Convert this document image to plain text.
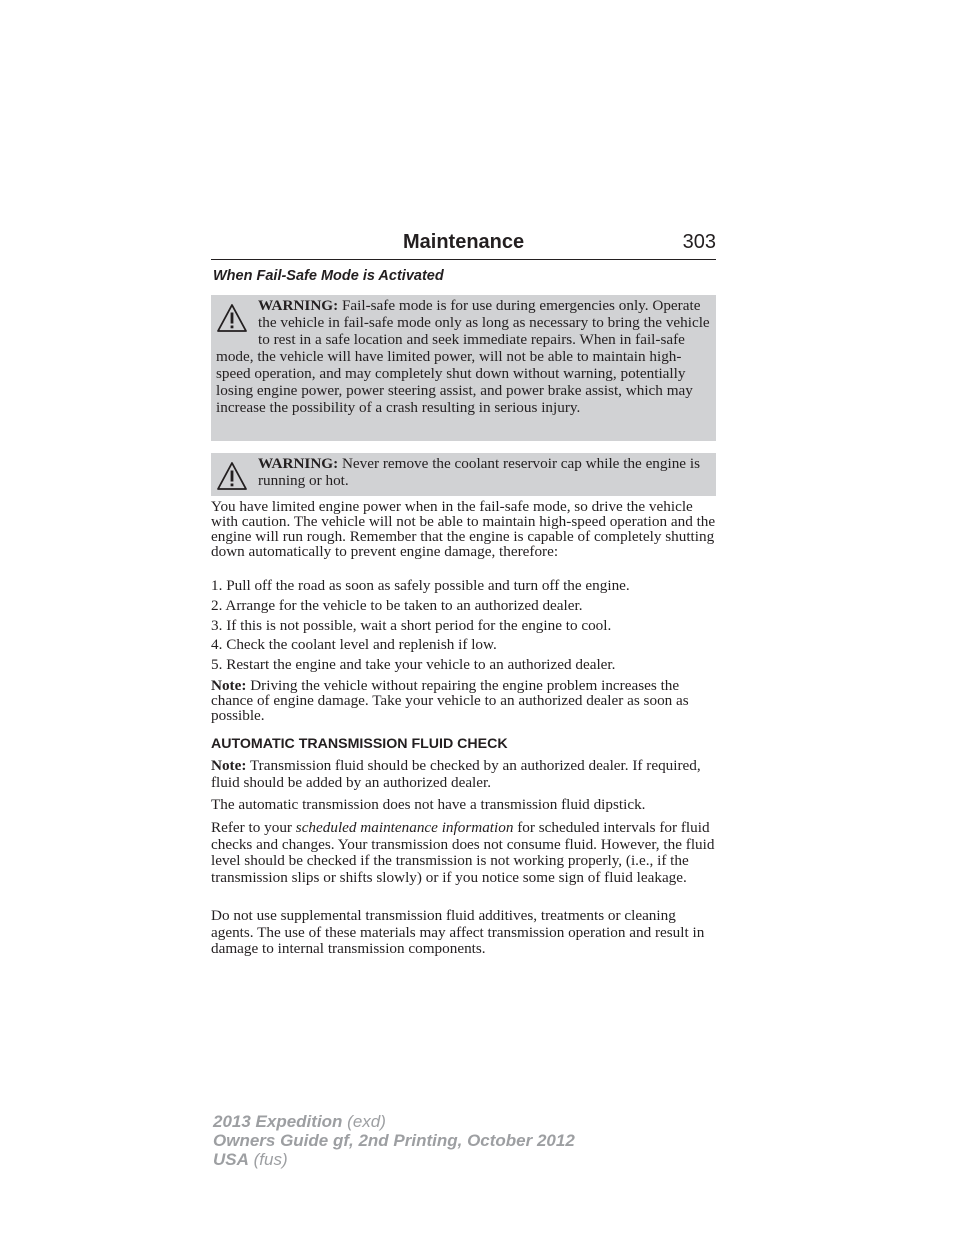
Maintenance	303
When Fail-Safe Mode is Activated
WARNING: Fail-safe mode is for use during emergencies only. Operate the vehicle in fail-safe mode only as long as necessary to bring the vehicle to rest in a safe location and seek immediate repairs. When in fail-safe mode, the vehicle will have limited power, will not be able to maintain high-speed operation, and may completely shut down without warning, potentially losing engine power, power steering assist, and power brake assist, which may increase the possibility of a crash resulting in serious injury.
WARNING: Never remove the coolant reservoir cap while the engine is running or hot.

You have limited engine power when in the fail-safe mode, so drive the vehicle with caution. The vehicle will not be able to maintain high-speed operation and the engine will run rough. Remember that the engine is capable of completely shutting down automatically to prevent engine damage, therefore:

1. Pull off the road as soon as safely possible and turn off the engine.
2. Arrange for the vehicle to be taken to an authorized dealer.
3. If this is not possible, wait a short period for the engine to cool.
4. Check the coolant level and replenish if low.
5. Restart the engine and take your vehicle to an authorized dealer.

Note: Driving the vehicle without repairing the engine problem increases the chance of engine damage. Take your vehicle to an authorized dealer as soon as possible.

AUTOMATIC TRANSMISSION FLUID CHECK
Note: Transmission fluid should be checked by an authorized dealer. If required, fluid should be added by an authorized dealer.
The automatic transmission does not have a transmission fluid dipstick.
Refer to your scheduled maintenance information for scheduled intervals for fluid checks and changes. Your transmission does not consume fluid. However, the fluid level should be checked if the transmission is not working properly, (i.e., if the transmission slips or shifts slowly) or if you notice some sign of fluid leakage.
Do not use supplemental transmission fluid additives, treatments or cleaning agents. The use of these materials may affect transmission operation and result in damage to internal transmission components.
2013 Expedition (exd)
Owners Guide gf, 2nd Printing, October 2012
USA (fus)
